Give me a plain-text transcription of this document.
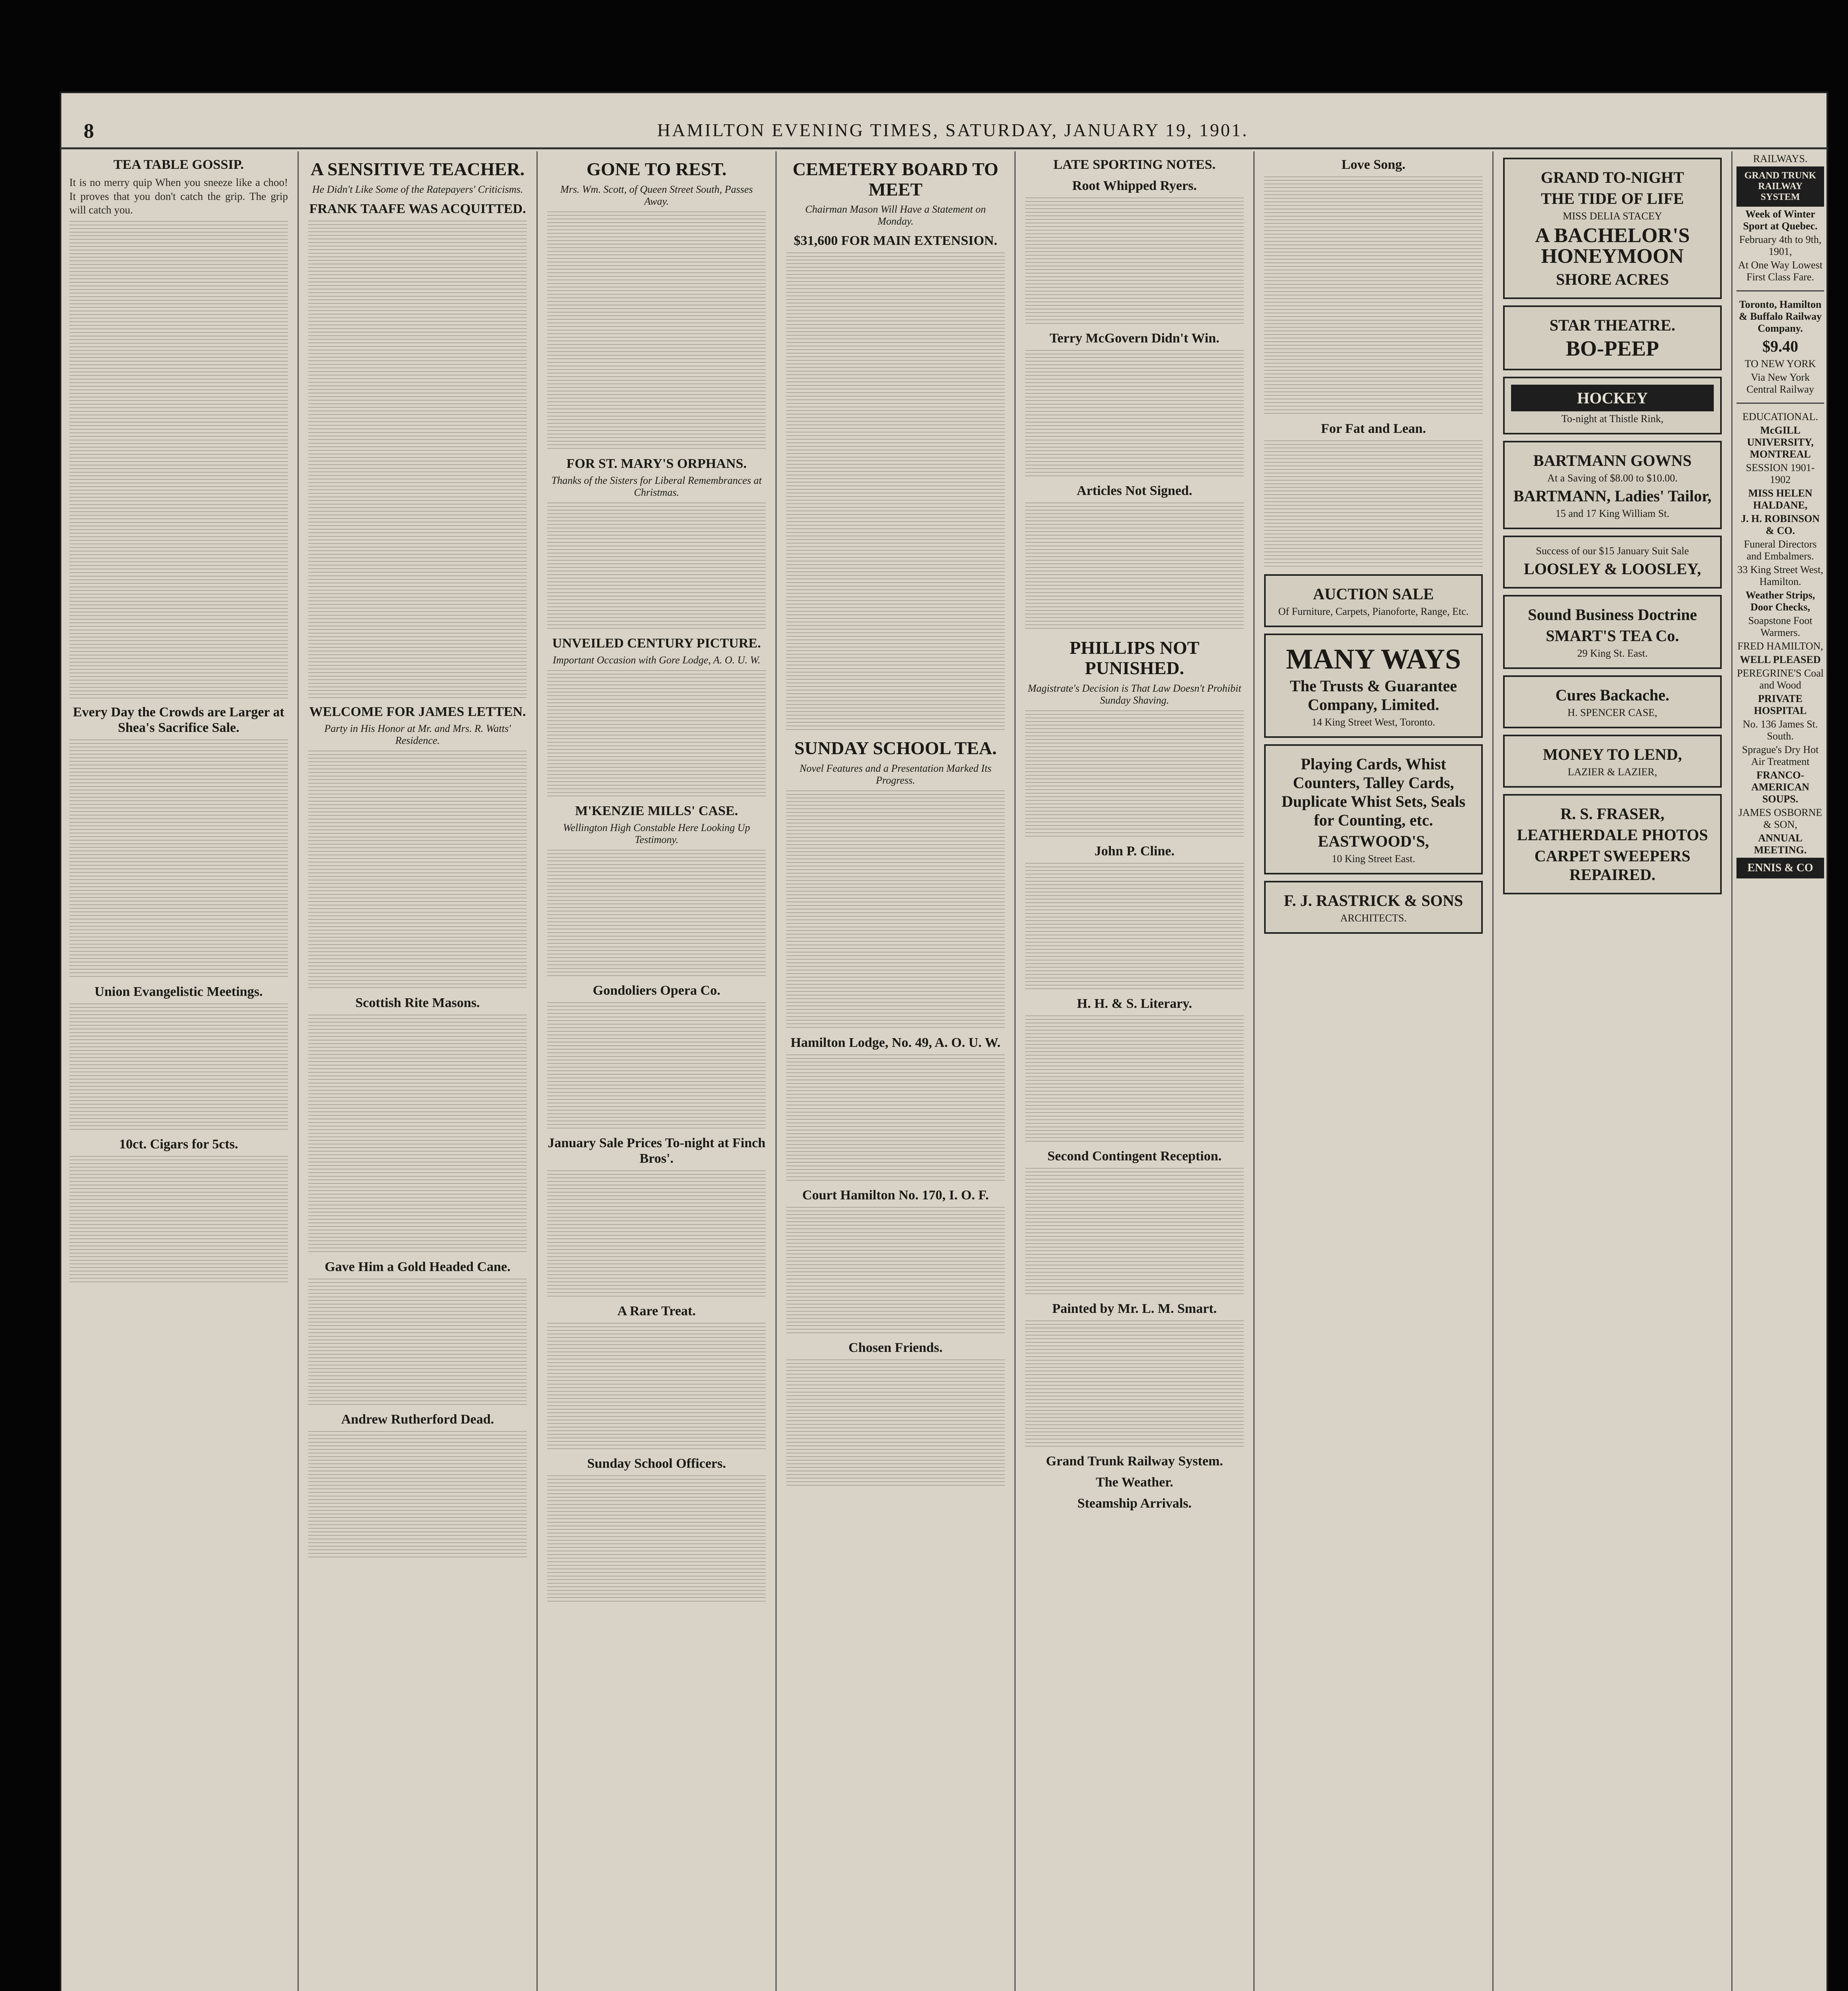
8	HAMILTON EVENING TIMES, SATURDAY, JANUARY 19, 1901.
TEA TABLE GOSSIP.

It is no merry quip When you sneeze like a choo! It proves that you don't catch the grip. The grip will catch you.

Every Day the Crowds are Larger at Shea's Sacrifice Sale.
Union Evangelistic Meetings.
10ct. Cigars for 5cts.
A SENSITIVE TEACHER.
He Didn't Like Some of the Ratepayers' Criticisms.
FRANK TAAFE WAS ACQUITTED.
WELCOME FOR JAMES LETTEN.
Party in His Honor at Mr. and Mrs. R. Watts' Residence.
Scottish Rite Masons.
Gave Him a Gold Headed Cane.
Andrew Rutherford Dead.
GONE TO REST.
Mrs. Wm. Scott, of Queen Street South, Passes Away.
FOR ST. MARY'S ORPHANS.
Thanks of the Sisters for Liberal Remembrances at Christmas.
UNVEILED CENTURY PICTURE.
Important Occasion with Gore Lodge, A. O. U. W.
M'KENZIE MILLS' CASE.
Wellington High Constable Here Looking Up Testimony.
Gondoliers Opera Co.
January Sale Prices To-night at Finch Bros'.
A Rare Treat.
Sunday School Officers.
CEMETERY BOARD TO MEET
Chairman Mason Will Have a Statement on Monday.
$31,600 FOR MAIN EXTENSION.
SUNDAY SCHOOL TEA.
Novel Features and a Presentation Marked Its Progress.
Hamilton Lodge, No. 49, A. O. U. W.
Court Hamilton No. 170, I. O. F.
Chosen Friends.
LATE SPORTING NOTES.
Root Whipped Ryers.
Terry McGovern Didn't Win.
Articles Not Signed.
PHILLIPS NOT PUNISHED.
Magistrate's Decision is That Law Doesn't Prohibit Sunday Shaving.
John P. Cline.
H. H. & S. Literary.
Second Contingent Reception.
Painted by Mr. L. M. Smart.
Grand Trunk Railway System.
The Weather.
Steamship Arrivals.
Love Song.
For Fat and Lean.
AUCTION SALE
Of Furniture, Carpets, Pianoforte, Range, Etc.
MANY WAYS
The Trusts & Guarantee Company, Limited.
14 King Street West, Toronto.
Playing Cards, Whist Counters, Talley Cards, Duplicate Whist Sets, Seals for Counting, etc.
EASTWOOD'S,
10 King Street East.
F. J. RASTRICK & SONS
ARCHITECTS.
GRAND TO-NIGHT
THE TIDE OF LIFE
MISS DELIA STACEY
A BACHELOR'S HONEYMOON
SHORE ACRES
STAR THEATRE.
BO-PEEP
HOCKEY
To-night at Thistle Rink,
BARTMANN GOWNS
At a Saving of $8.00 to $10.00.
BARTMANN, Ladies' Tailor,
15 and 17 King William St.
Success of our $15 January Suit Sale
LOOSLEY & LOOSLEY,
Sound Business Doctrine
SMART'S TEA Co.
29 King St. East.
Cures Backache.
H. SPENCER CASE,
MONEY TO LEND,
LAZIER & LAZIER,
R. S. FRASER,
LEATHERDALE PHOTOS
CARPET SWEEPERS REPAIRED.
RAILWAYS.
GRAND TRUNK RAILWAY SYSTEM
Week of Winter Sport at Quebec.
February 4th to 9th, 1901,
At One Way Lowest First Class Fare.
Toronto, Hamilton & Buffalo Railway Company.
$9.40
TO NEW YORK
Via New York Central Railway
EDUCATIONAL.
McGILL UNIVERSITY, MONTREAL
SESSION 1901-1902
MISS HELEN HALDANE,
J. H. ROBINSON & CO.
Funeral Directors and Embalmers.
33 King Street West, Hamilton.
Weather Strips, Door Checks,
Soapstone Foot Warmers.
FRED HAMILTON,
WELL PLEASED
PEREGRINE'S Coal and Wood
PRIVATE HOSPITAL
No. 136 James St. South.
Sprague's Dry Hot Air Treatment
FRANCO-AMERICAN SOUPS.
JAMES OSBORNE & SON,
ANNUAL MEETING.
ENNIS & CO
